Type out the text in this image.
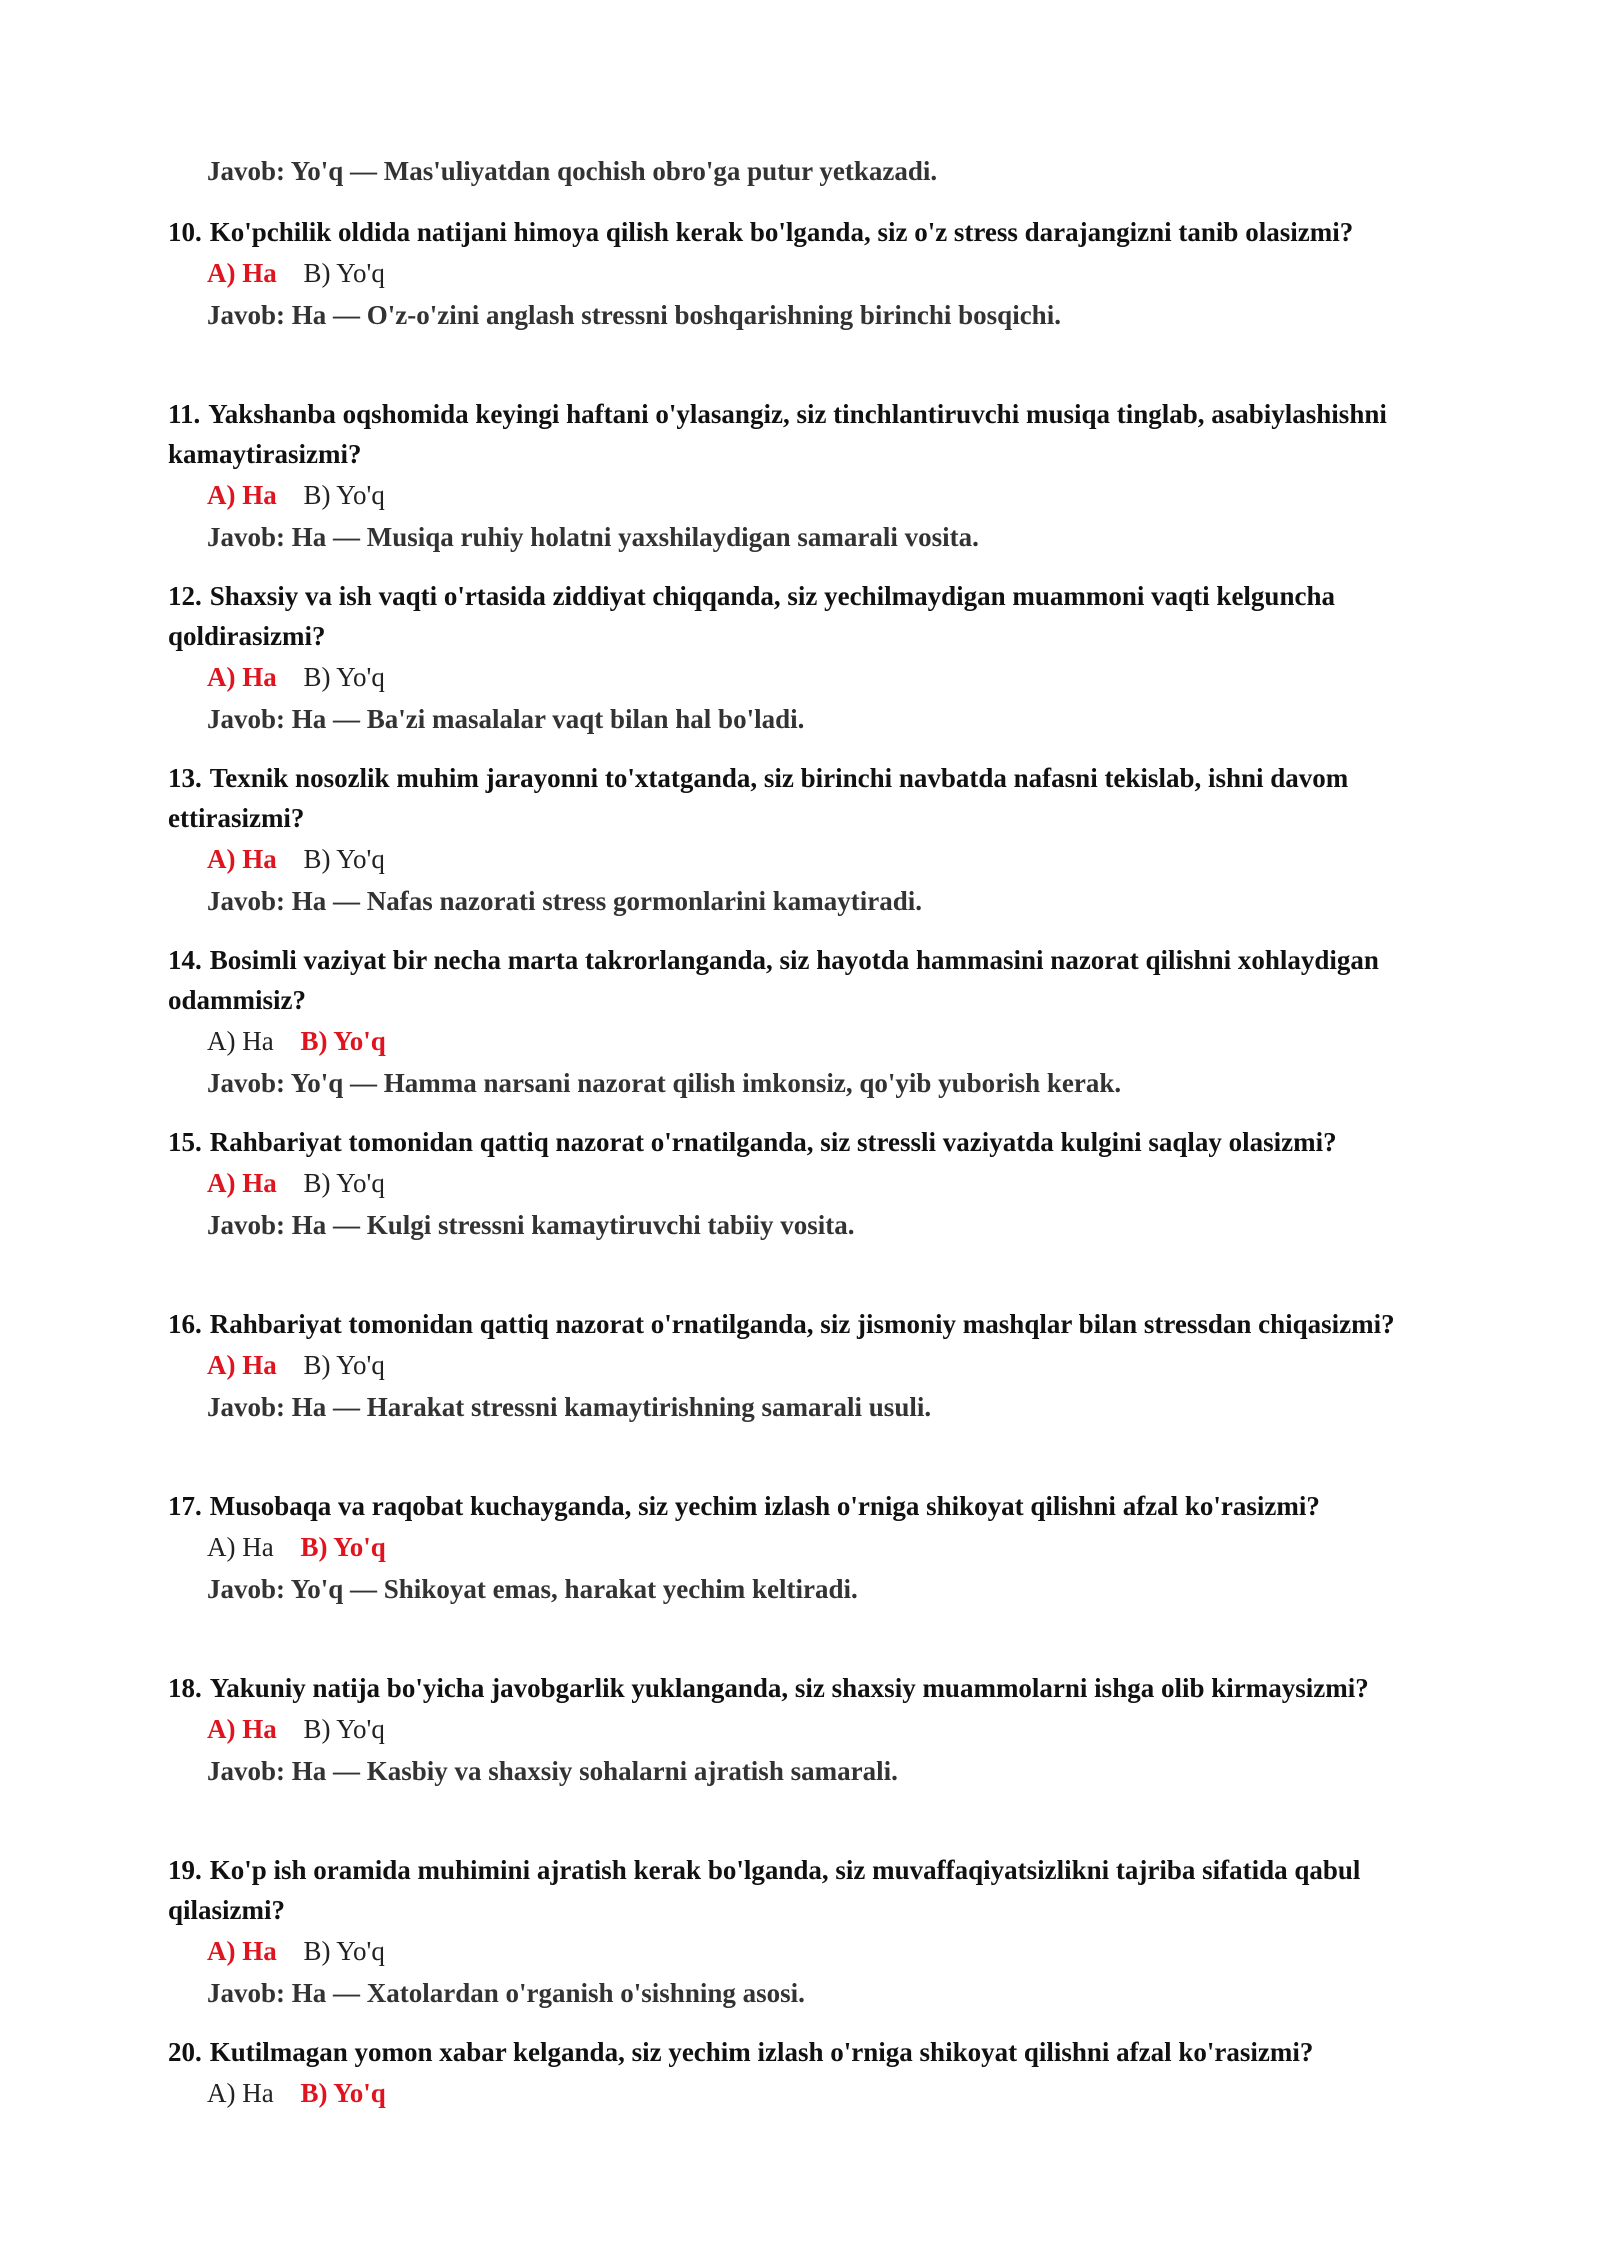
Javob: Yo'q — Mas'uliyatdan qochish obro'ga putur yetkazadi.

10. Ko'pchilik oldida natijani himoya qilish kerak bo'lganda, siz o'z stress darajangizni tanib olasizmi?

A) Ha B) Yo'q
Javob: Ha — O'z-o'zini anglash stressni boshqarishning birinchi bosqichi.

11. Yakshanba oqshomida keyingi haftani o'ylasangiz, siz tinchlantiruvchi musiqa tinglab, asabiylashishni kamaytirasizmi?

A) Ha B) Yo'q
Javob: Ha — Musiqa ruhiy holatni yaxshilaydigan samarali vosita.

12. Shaxsiy va ish vaqti o'rtasida ziddiyat chiqqanda, siz yechilmaydigan muammoni vaqti kelguncha qoldirasizmi?

A) Ha B) Yo'q
Javob: Ha — Ba'zi masalalar vaqt bilan hal bo'ladi.

13. Texnik nosozlik muhim jarayonni to'xtatganda, siz birinchi navbatda nafasni tekislab, ishni davom ettirasizmi?

A) Ha B) Yo'q
Javob: Ha — Nafas nazorati stress gormonlarini kamaytiradi.

14. Bosimli vaziyat bir necha marta takrorlanganda, siz hayotda hammasini nazorat qilishni xohlaydigan odammisiz?

A) Ha B) Yo'q
Javob: Yo'q — Hamma narsani nazorat qilish imkonsiz, qo'yib yuborish kerak.

15. Rahbariyat tomonidan qattiq nazorat o'rnatilganda, siz stressli vaziyatda kulgini saqlay olasizmi?

A) Ha B) Yo'q
Javob: Ha — Kulgi stressni kamaytiruvchi tabiiy vosita.

16. Rahbariyat tomonidan qattiq nazorat o'rnatilganda, siz jismoniy mashqlar bilan stressdan chiqasizmi?

A) Ha B) Yo'q
Javob: Ha — Harakat stressni kamaytirishning samarali usuli.

17. Musobaqa va raqobat kuchayganda, siz yechim izlash o'rniga shikoyat qilishni afzal ko'rasizmi?

A) Ha B) Yo'q
Javob: Yo'q — Shikoyat emas, harakat yechim keltiradi.

18. Yakuniy natija bo'yicha javobgarlik yuklanganda, siz shaxsiy muammolarni ishga olib kirmaysizmi?

A) Ha B) Yo'q
Javob: Ha — Kasbiy va shaxsiy sohalarni ajratish samarali.

19. Ko'p ish oramida muhimini ajratish kerak bo'lganda, siz muvaffaqiyatsizlikni tajriba sifatida qabul qilasizmi?

A) Ha B) Yo'q
Javob: Ha — Xatolardan o'rganish o'sishning asosi.

20. Kutilmagan yomon xabar kelganda, siz yechim izlash o'rniga shikoyat qilishni afzal ko'rasizmi?

A) Ha B) Yo'q
